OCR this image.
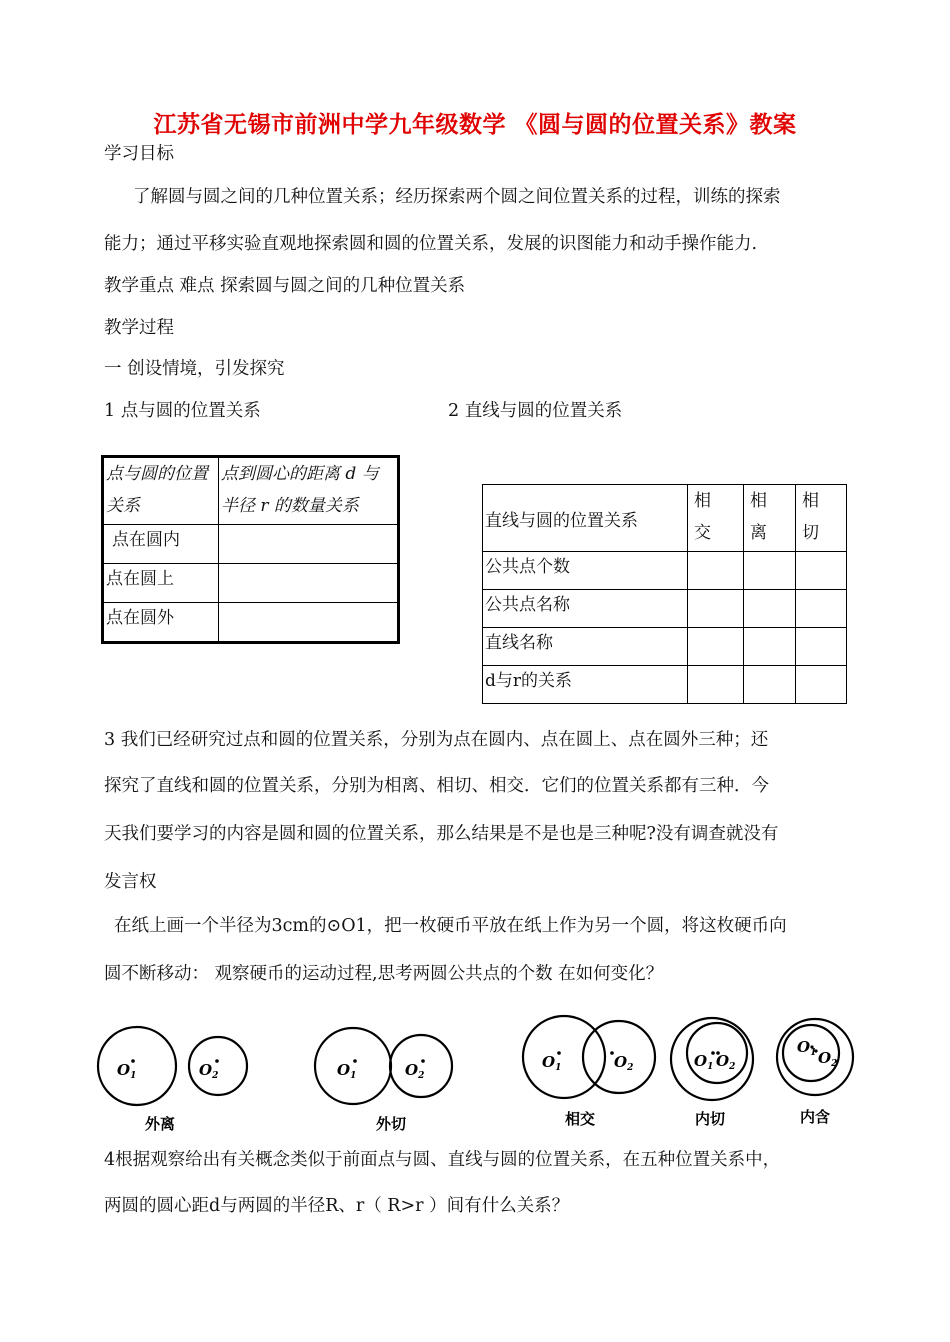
江苏省无锡市前洲中学九年级数学 《圆与圆的位置关系》教案
学习目标
了解圆与圆之间的几种位置关系；经历探索两个圆之间位置关系的过程，训练的探索
能力；通过平移实验直观地探索圆和圆的位置关系，发展的识图能力和动手操作能力.
教学重点 难点 探索圆与圆之间的几种位置关系
教学过程
一 创设情境，引发探究
1 点与圆的位置关系	2 直线与圆的位置关系
点与圆的位置关系	点到圆心的距离 d 与半径 r 的数量关系
点在圆内	
点在圆上	
点在圆外	
直线与圆的位置关系	相交	相离	相切
公共点个数			
公共点名称			
直线名称			
d与r的关系			
3 我们已经研究过点和圆的位置关系，分别为点在圆内、点在圆上、点在圆外三种；还
探究了直线和圆的位置关系，分别为相离、相切、相交．它们的位置关系都有三种．今
天我们要学习的内容是圆和圆的位置关系，那么结果是不是也是三种呢?没有调查就没有
发言权
在纸上画一个半径为3cm的⊙O1，把一枚硬币平放在纸上作为另一个圆，将这枚硬币向
圆不断移动： 观察硬币的运动过程,思考两圆公共点的个数 在如何变化？
$O_1$	$O_2$	$O_1$	$O_2$
$O_1$	$O_2$	$O_1$ $O_2$
$O_1$ $O_2$
外离	外切	相交	内切	内含
4根据观察给出有关概念类似于前面点与圆、直线与圆的位置关系，在五种位置关系中，
两圆的圆心距d与两圆的半径R、r（ R>r ）间有什么关系？
